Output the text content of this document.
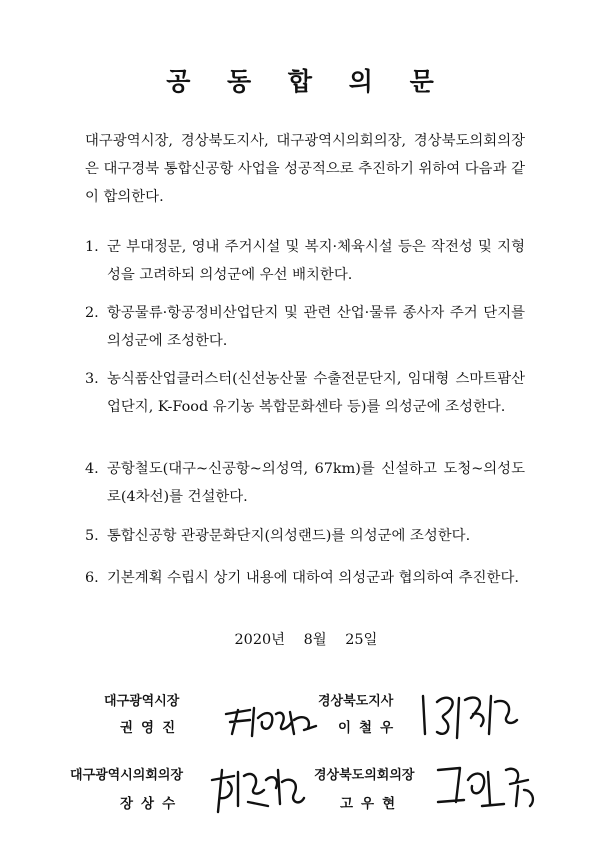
공 동 합 의 문
대구광역시장, 경상북도지사, 대구광역시의회의장, 경상북도의회의장은 대구경북 통합신공항 사업을 성공적으로 추진하기 위하여 다음과 같이 합의한다.
1. 군 부대정문, 영내 주거시설 및 복지·체육시설 등은 작전성 및 지형성을 고려하되 의성군에 우선 배치한다.
2. 항공물류·항공정비산업단지 및 관련 산업·물류 종사자 주거 단지를 의성군에 조성한다.
3. 농식품산업클러스터(신선농산물 수출전문단지, 임대형 스마트팜산업단지, K-Food 유기농 복합문화센타 등)를 의성군에 조성한다.
4. 공항철도(대구~신공항~의성역, 67km)를 신설하고 도청~의성도로(4차선)를 건설한다.
5. 통합신공항 관광문화단지(의성랜드)를 의성군에 조성한다.
6. 기본계획 수립시 상기 내용에 대하여 의성군과 협의하여 추진한다.
2020년 8월 25일
대구광역시장
권영진
경상북도지사
이철우
대구광역시의회의장
장상수
경상북도의회의장
고우현
